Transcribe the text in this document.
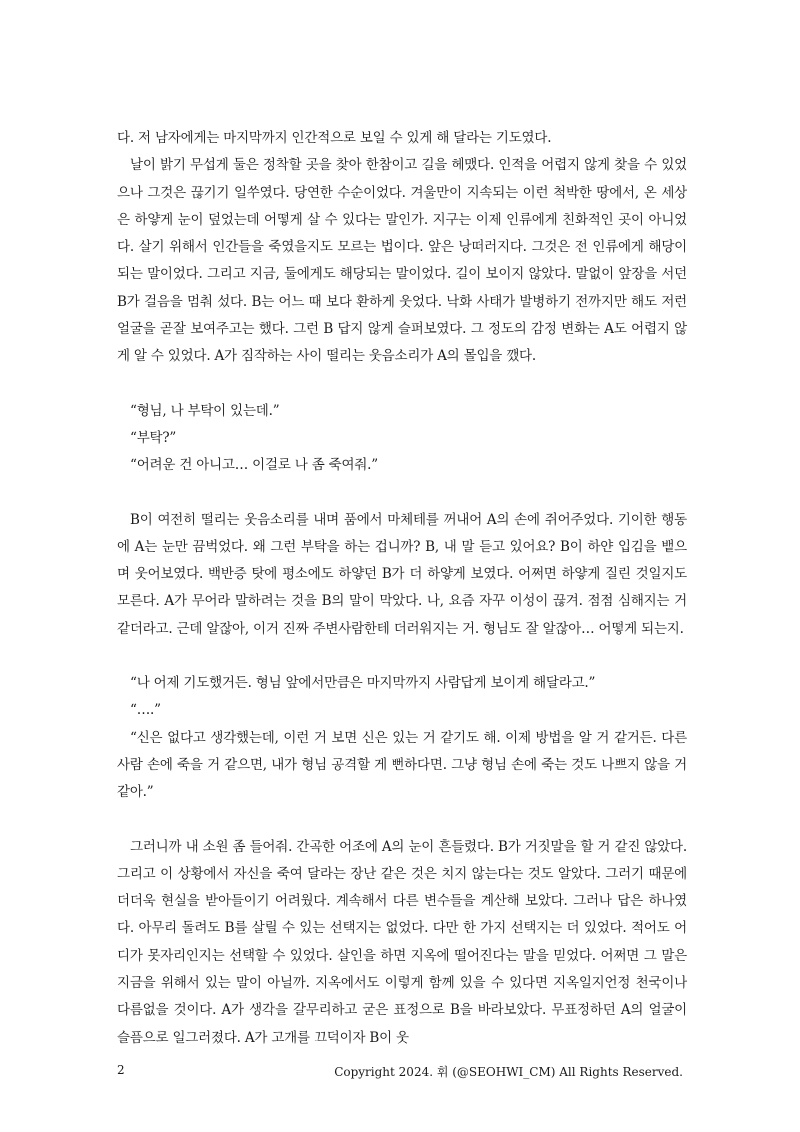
다. 저 남자에게는 마지막까지 인간적으로 보일 수 있게 해 달라는 기도였다.

날이 밝기 무섭게 둘은 정착할 곳을 찾아 한참이고 길을 헤맸다. 인적을 어렵지 않게 찾을 수 있었으나 그것은 끊기기 일쑤였다. 당연한 수순이었다. 겨울만이 지속되는 이런 척박한 땅에서, 온 세상은 하얗게 눈이 덮었는데 어떻게 살 수 있다는 말인가. 지구는 이제 인류에게 친화적인 곳이 아니었다. 살기 위해서 인간들을 죽였을지도 모르는 법이다. 앞은 낭떠러지다. 그것은 전 인류에게 해당이 되는 말이었다. 그리고 지금, 둘에게도 해당되는 말이었다. 길이 보이지 않았다. 말없이 앞장을 서던 B가 걸음을 멈춰 섰다. B는 어느 때 보다 환하게 웃었다. 낙화 사태가 발병하기 전까지만 해도 저런 얼굴을 곧잘 보여주고는 했다. 그런 B 답지 않게 슬퍼보였다. 그 정도의 감정 변화는 A도 어렵지 않게 알 수 있었다. A가 짐작하는 사이 떨리는 웃음소리가 A의 몰입을 깼다.

“형님, 나 부탁이 있는데.”

“부탁?”

“어려운 건 아니고… 이걸로 나 좀 죽여줘.”

B이 여전히 떨리는 웃음소리를 내며 품에서 마체테를 꺼내어 A의 손에 쥐어주었다. 기이한 행동에 A는 눈만 끔벅었다. 왜 그런 부탁을 하는 겁니까? B, 내 말 듣고 있어요? B이 하얀 입김을 뱉으며 웃어보였다. 백반증 탓에 평소에도 하얗던 B가 더 하얗게 보였다. 어쩌면 하얗게 질린 것일지도 모른다. A가 무어라 말하려는 것을 B의 말이 막았다. 나, 요즘 자꾸 이성이 끊겨. 점점 심해지는 거 같더라고. 근데 알잖아, 이거 진짜 주변사람한테 더러워지는 거. 형님도 잘 알잖아… 어떻게 되는지.

“나 어제 기도했거든. 형님 앞에서만큼은 마지막까지 사람답게 보이게 해달라고.”

“….”

“신은 없다고 생각했는데, 이런 거 보면 신은 있는 거 같기도 해. 이제 방법을 알 거 같거든. 다른 사람 손에 죽을 거 같으면, 내가 형님 공격할 게 뻔하다면. 그냥 형님 손에 죽는 것도 나쁘지 않을 거 같아.”

그러니까 내 소원 좀 들어줘. 간곡한 어조에 A의 눈이 흔들렸다. B가 거짓말을 할 거 같진 않았다. 그리고 이 상황에서 자신을 죽여 달라는 장난 같은 것은 치지 않는다는 것도 알았다. 그러기 때문에 더더욱 현실을 받아들이기 어려웠다. 계속해서 다른 변수들을 계산해 보았다. 그러나 답은 하나였다. 아무리 돌려도 B를 살릴 수 있는 선택지는 없었다. 다만 한 가지 선택지는 더 있었다. 적어도 어디가 못자리인지는 선택할 수 있었다. 살인을 하면 지옥에 떨어진다는 말을 믿었다. 어쩌면 그 말은 지금을 위해서 있는 말이 아닐까. 지옥에서도 이렇게 함께 있을 수 있다면 지옥일지언정 천국이나 다름없을 것이다. A가 생각을 갈무리하고 굳은 표정으로 B을 바라보았다. 무표정하던 A의 얼굴이 슬픔으로 일그러졌다. A가 고개를 끄덕이자 B이 웃

2	Copyright 2024. 휘 (@SEOHWI_CM) All Rights Reserved.
